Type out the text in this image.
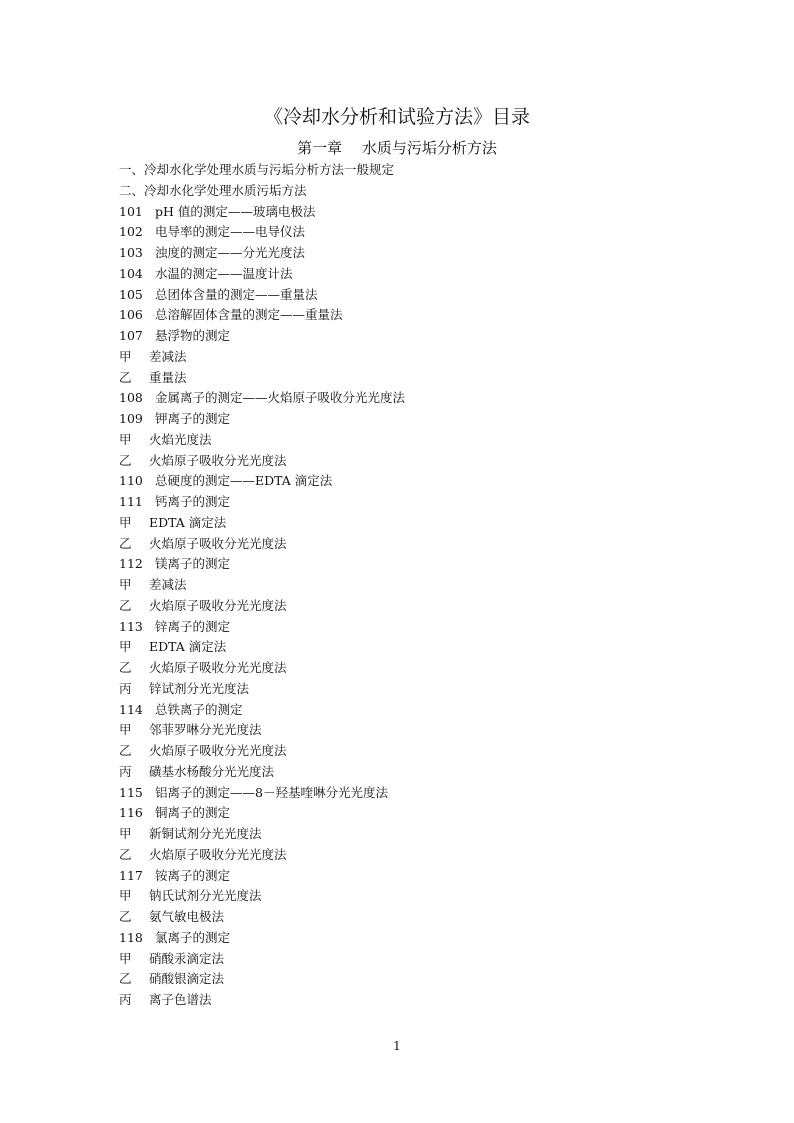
《冷却水分析和试验方法》目录
第一章　 水质与污垢分析方法
一、冷却水化学处理水质与污垢分析方法一般规定
二、冷却水化学处理水质污垢方法
101 pH 值的测定——玻璃电极法
102 电导率的测定——电导仪法
103 浊度的测定——分光光度法
104 水温的测定——温度计法
105 总团体含量的测定——重量法
106 总溶解固体含量的测定——重量法
107 悬浮物的测定
甲 差减法
乙 重量法
108 金属离子的测定——火焰原子吸收分光光度法
109 钾离子的测定
甲 火焰光度法
乙 火焰原子吸收分光光度法
110 总硬度的测定——EDTA 滴定法
111 钙离子的测定
甲 EDTA 滴定法
乙 火焰原子吸收分光光度法
112 镁离子的测定
甲 差减法
乙 火焰原子吸收分光光度法
113 锌离子的测定
甲 EDTA 滴定法
乙 火焰原子吸收分光光度法
丙 锌试剂分光光度法
114 总铁离子的测定
甲 邻菲罗啉分光光度法
乙 火焰原子吸收分光光度法
丙 磺基水杨酸分光光度法
115 铝离子的测定——8－羟基喹啉分光光度法
116 铜离子的测定
甲 新铜试剂分光光度法
乙 火焰原子吸收分光光度法
117 铵离子的测定
甲 钠氏试剂分光光度法
乙 氨气敏电极法
118 氯离子的测定
甲 硝酸汞滴定法
乙 硝酸银滴定法
丙 离子色谱法
1
